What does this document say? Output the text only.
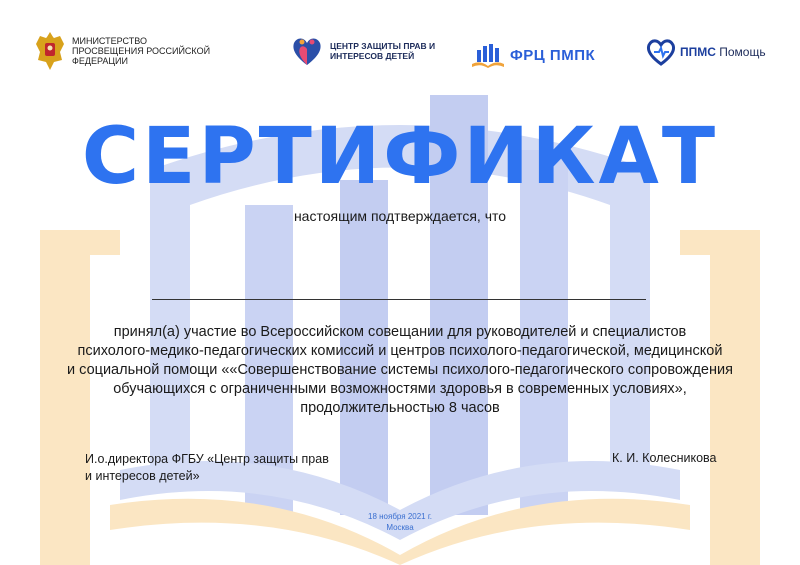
МИНИСТЕРСТВО ПРОСВЕЩЕНИЯ РОССИЙСКОЙ ФЕДЕРАЦИИ
ЦЕНТР ЗАЩИТЫ ПРАВ И ИНТЕРЕСОВ ДЕТЕЙ	ФРЦ ПМПК	ППМС Помощь
СЕРТИФИКАТ
настоящим подтверждается, что
принял(а) участие во Всероссийском совещании для руководителей и специалистов
психолого-медико-педагогических комиссий и центров психолого-педагогической, медицинской
и социальной помощи ««Совершенствование системы психолого-педагогического сопровождения
обучающихся с ограниченными возможностями здоровья в современных условиях»,
продолжительностью 8 часов
И.о.директора ФГБУ «Центр защиты прав
и интересов детей»
К. И. Колесникова
18 ноября 2021 г.
Москва
